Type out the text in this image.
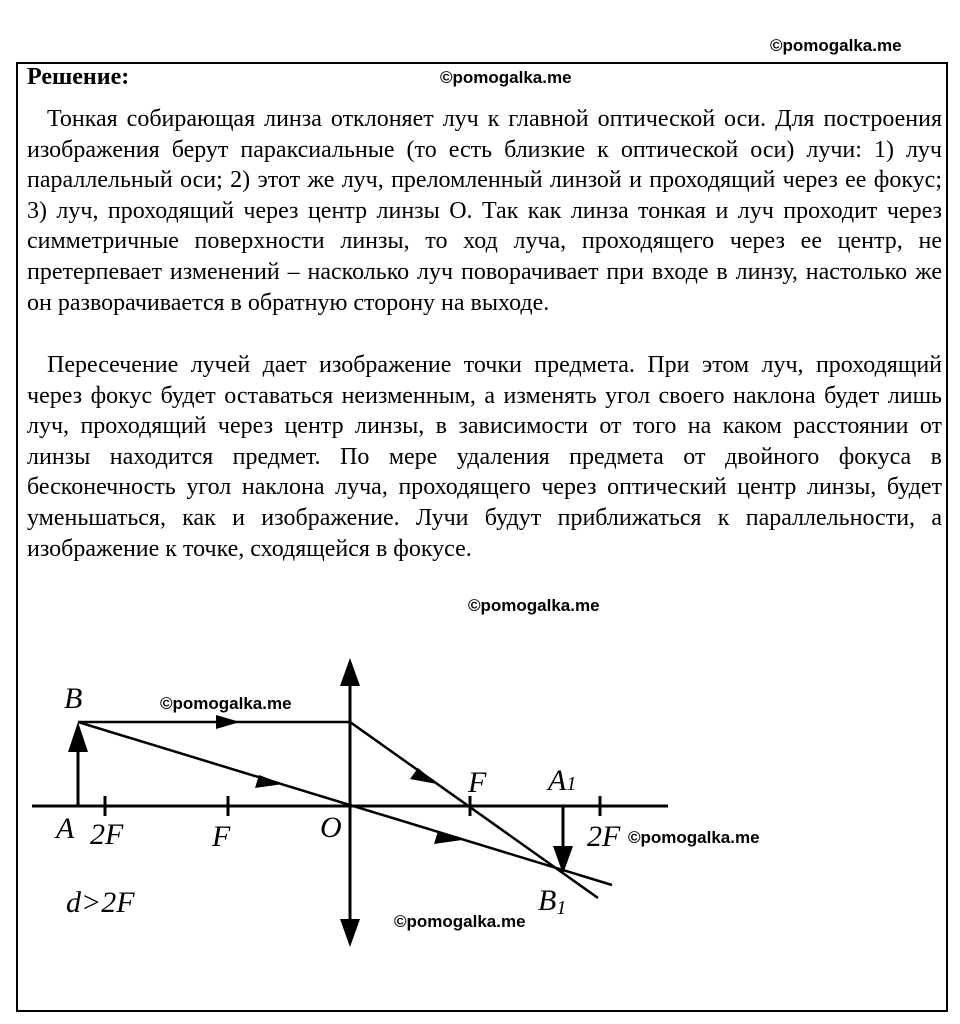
©pomogalka.me
Решение:	©pomogalka.me

Тонкая собирающая линза отклоняет луч к главной оптической оси. Для построения изображения берут параксиальные (то есть близкие к оптической оси) лучи: 1) луч параллельный оси; 2) этот же луч, преломленный линзой и проходящий через ее фокус; 3) луч, проходящий через центр линзы O. Так как линза тонкая и луч проходит через симметричные поверхности линзы, то ход луча, проходящего через ее центр, не претерпевает изменений – насколько луч поворачивает при входе в линзу, настолько же он разворачивается в обратную сторону на выходе.

Пересечение лучей дает изображение точки предмета. При этом луч, проходящий через фокус будет оставаться неизменным, а изменять угол своего наклона будет лишь луч, проходящий через центр линзы, в зависимости от того на каком расстоянии от линзы находится предмет. По мере удаления предмета от двойного фокуса в бесконечность угол наклона луча, проходящего через оптический центр линзы, будет уменьшаться, как и изображение. Лучи будут приближаться к параллельности, а изображение к точке, сходящейся в фокусе.

©pomogalka.me
B
A 2F	F	O
F A1
2F
B1
d>2F
©pomogalka.me
©pomogalka.me
©pomogalka.me
